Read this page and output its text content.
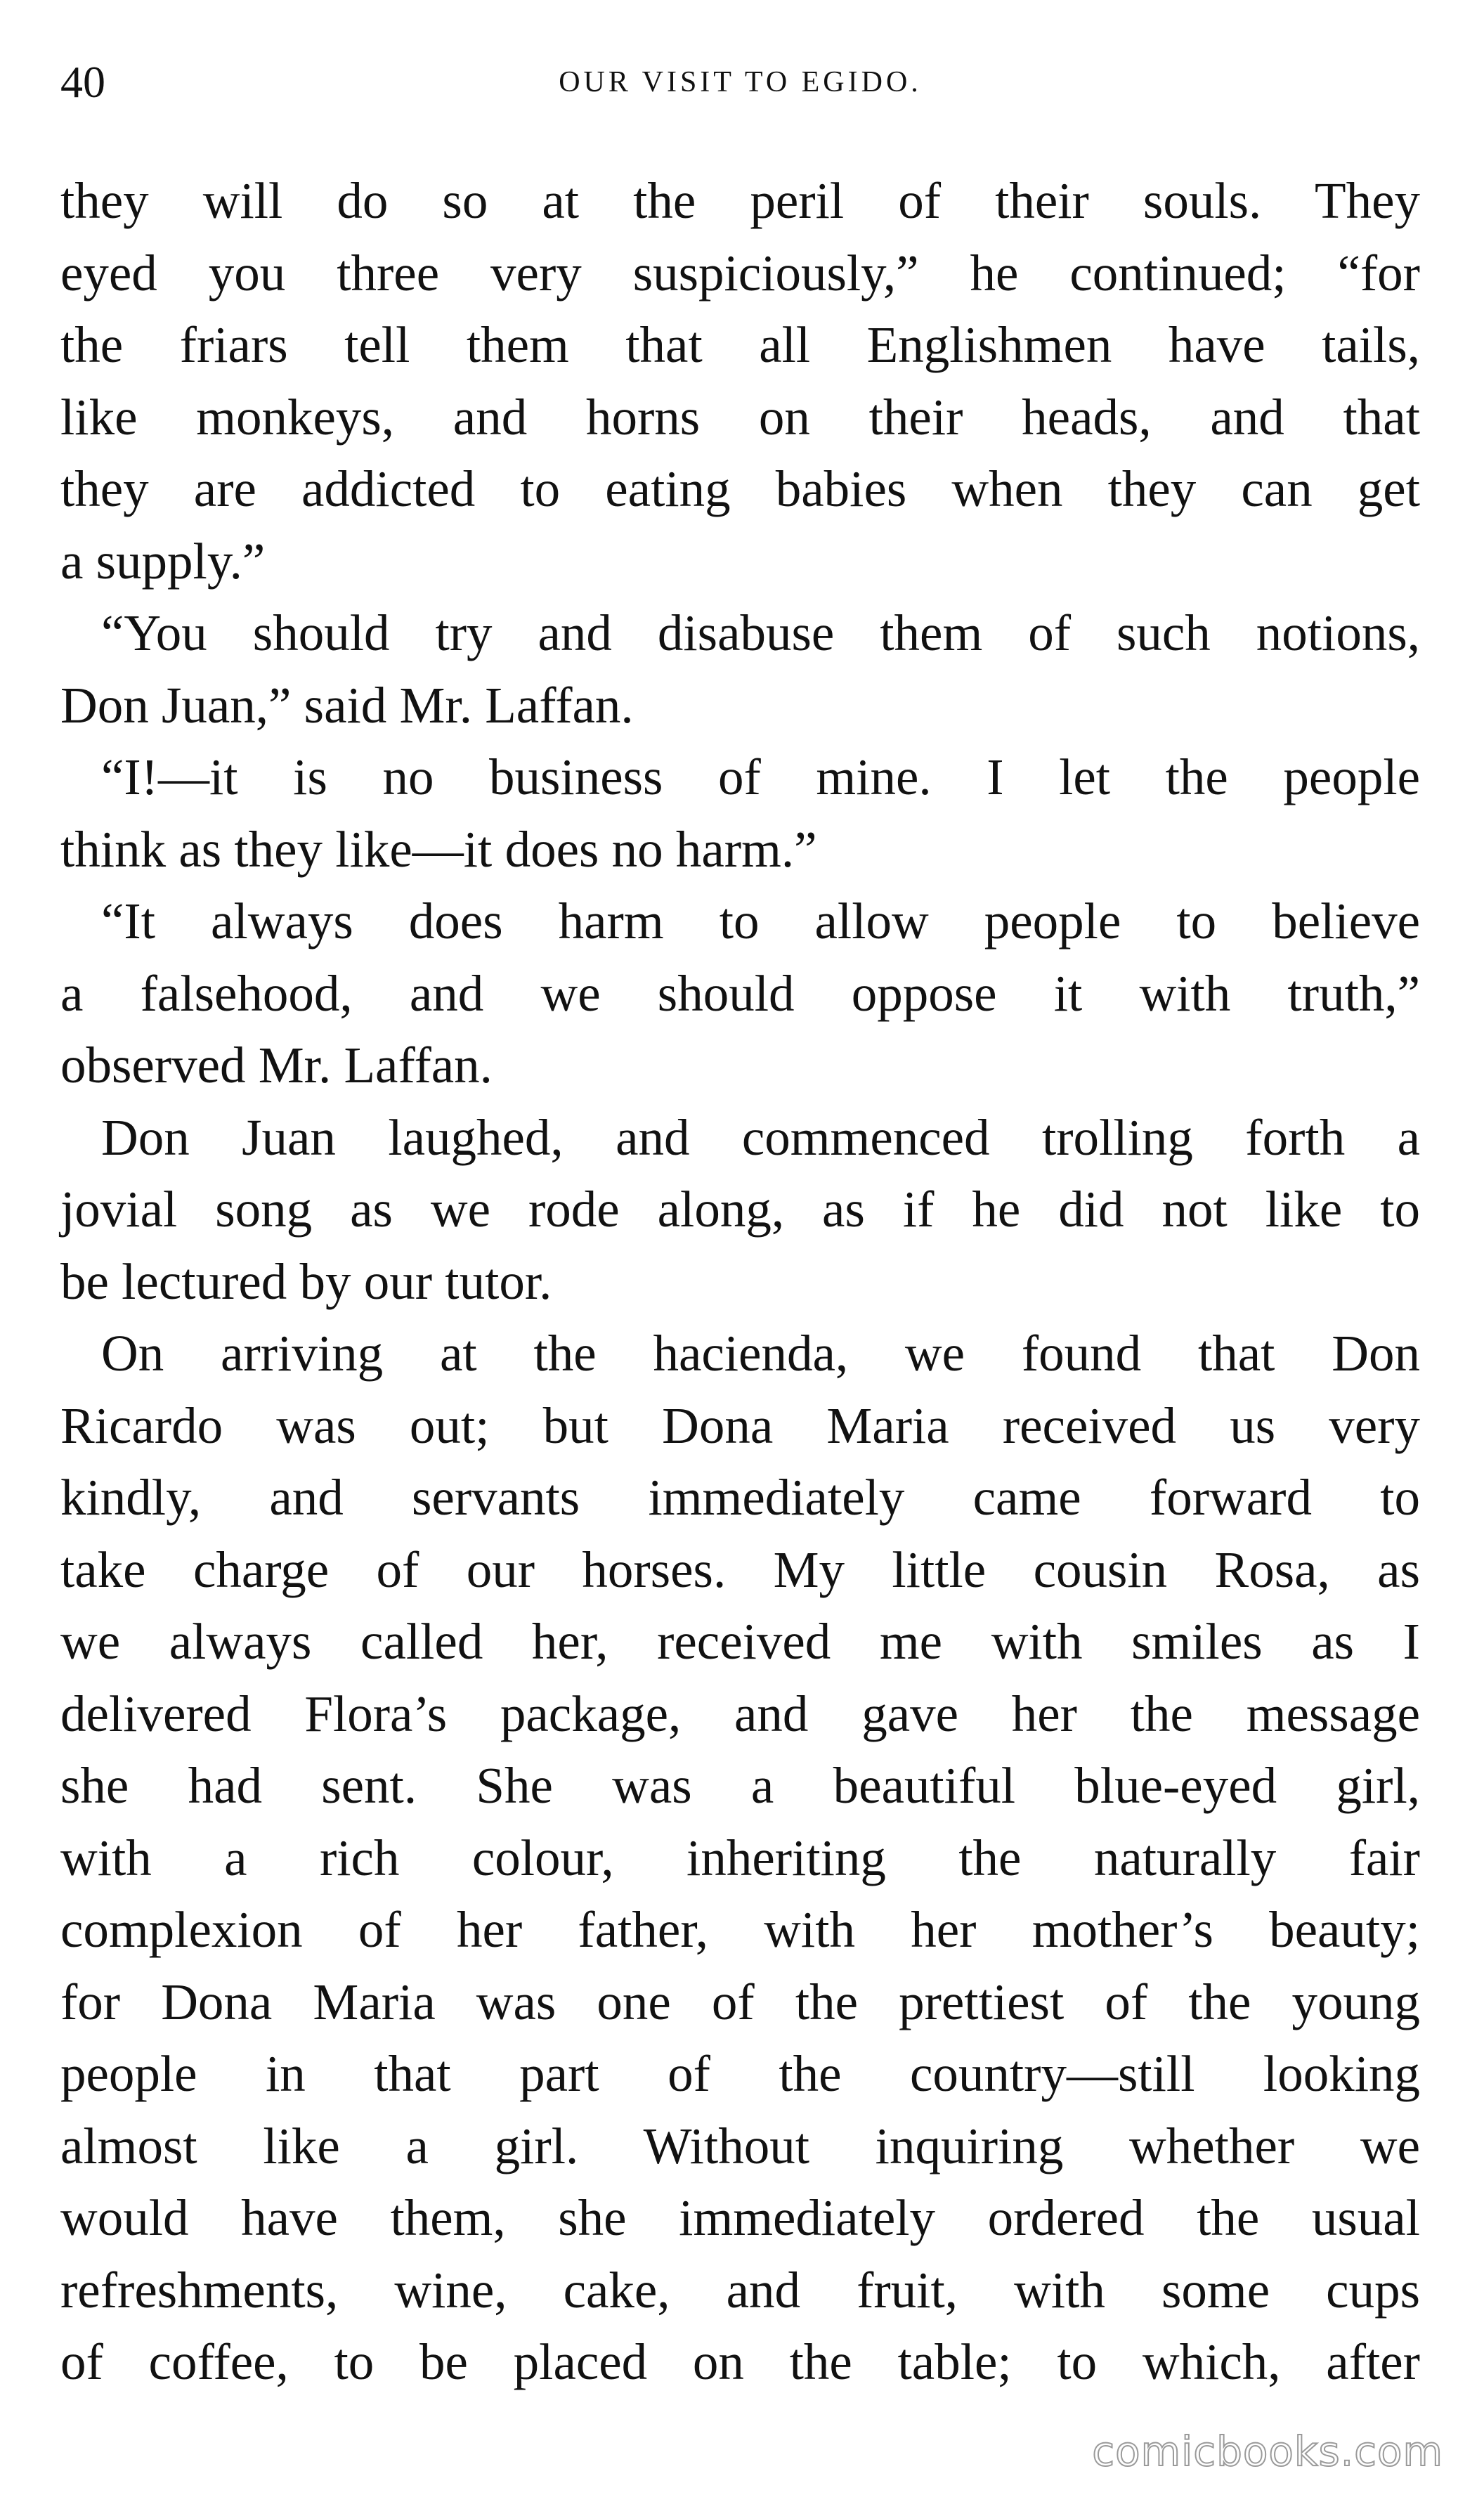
40	OUR VISIT TO EGIDO.
they will do so at the peril of their souls. They
eyed you three very suspiciously,” he continued; “for
the friars tell them that all Englishmen have tails,
like monkeys, and horns on their heads, and that
they are addicted to eating babies when they can get
a supply.”
“You should try and disabuse them of such notions,
Don Juan,” said Mr. Laffan.
“I!—it is no business of mine. I let the people
think as they like—it does no harm.”
“It always does harm to allow people to believe
a falsehood, and we should oppose it with truth,”
observed Mr. Laffan.
Don Juan laughed, and commenced trolling forth a
jovial song as we rode along, as if he did not like to
be lectured by our tutor.
On arriving at the hacienda, we found that Don
Ricardo was out; but Dona Maria received us very
kindly, and servants immediately came forward to
take charge of our horses. My little cousin Rosa, as
we always called her, received me with smiles as I
delivered Flora’s package, and gave her the message
she had sent. She was a beautiful blue-eyed girl,
with a rich colour, inheriting the naturally fair
complexion of her father, with her mother’s beauty;
for Dona Maria was one of the prettiest of the young
people in that part of the country—still looking
almost like a girl. Without inquiring whether we
would have them, she immediately ordered the usual
refreshments, wine, cake, and fruit, with some cups
of coffee, to be placed on the table; to which, after
comicbooks.com
